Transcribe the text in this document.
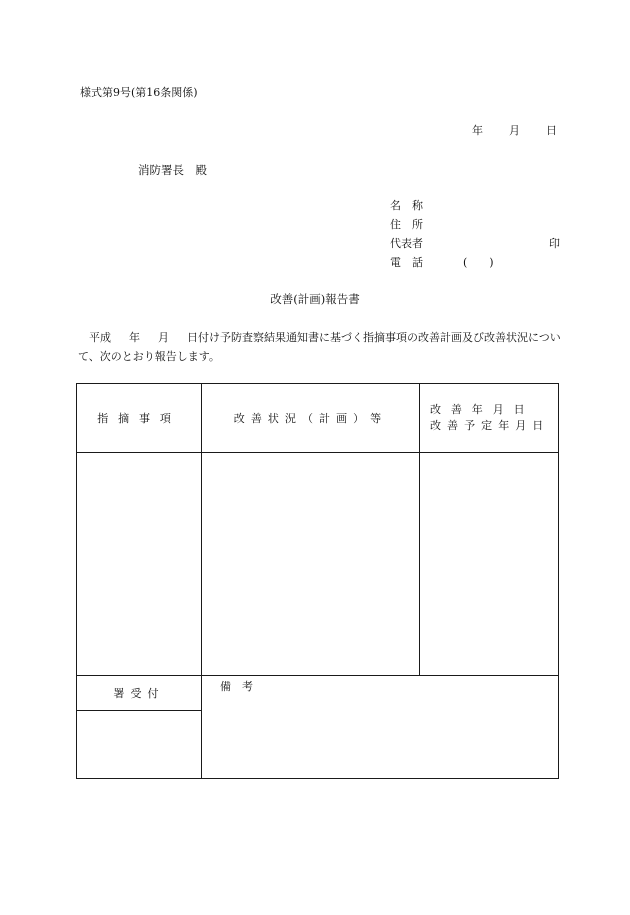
様式第9号(第16条関係)
年 月 日
消防署長　殿
名　称
住　所
代表者	印
電　話	(　　)
改善(計画)報告書
平成 年 月 日付け予防査察結果通知書に基づく指摘事項の改善計画及び改善状況について、次のとおり報告します。
指摘事項	改善状況（計画）等	改善年月日
改善予定年月日

署受付	備　考	
